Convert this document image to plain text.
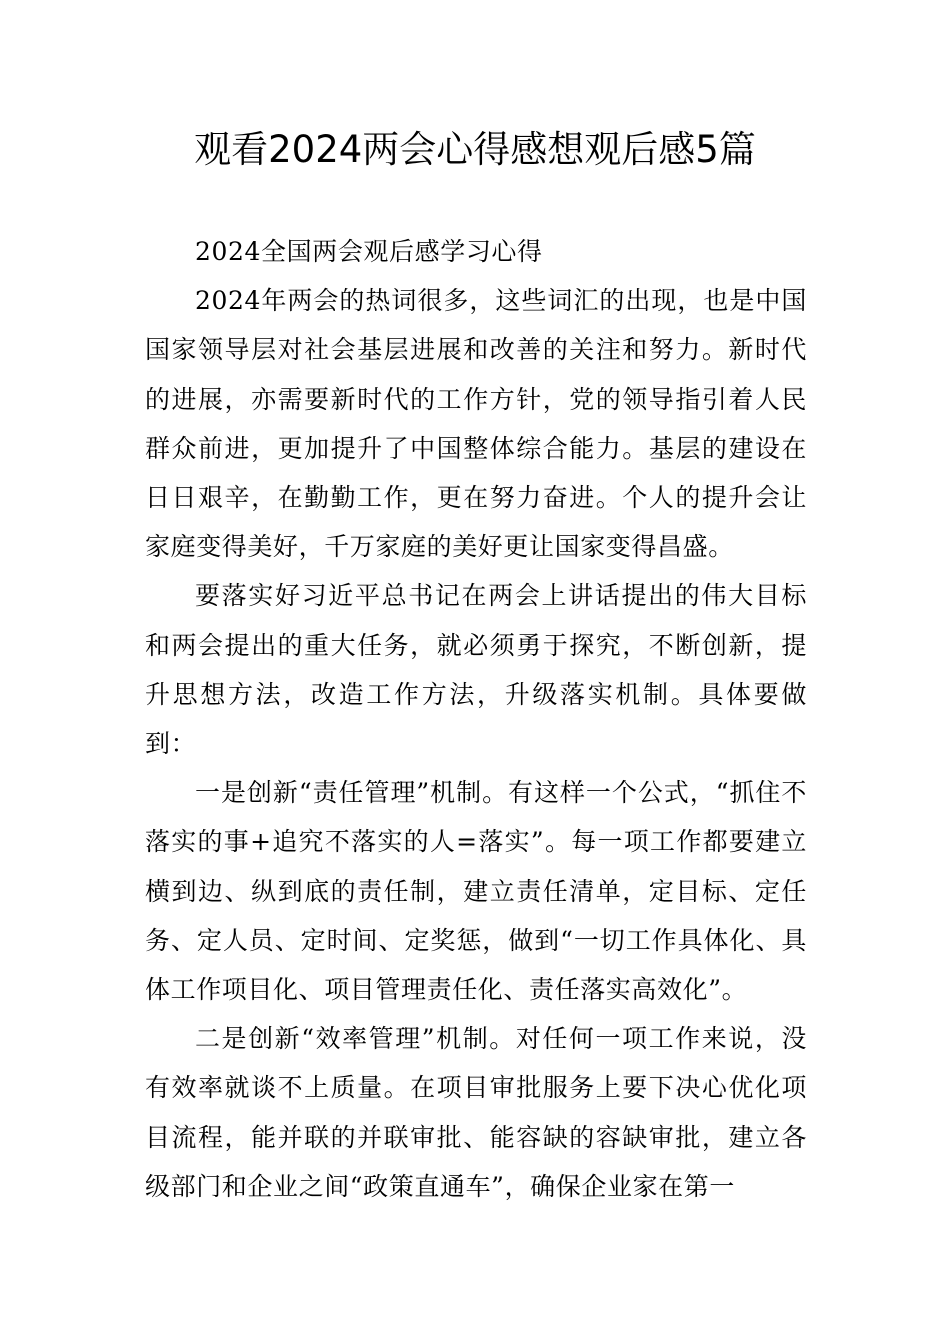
观看2024两会心得感想观后感5篇

2024全国两会观后感学习心得

2024年两会的热词很多，这些词汇的出现，也是中国国家领导层对社会基层进展和改善的关注和努力。新时代的进展，亦需要新时代的工作方针，党的领导指引着人民群众前进，更加提升了中国整体综合能力。基层的建设在日日艰辛，在勤勤工作，更在努力奋进。个人的提升会让家庭变得美好，千万家庭的美好更让国家变得昌盛。

要落实好习近平总书记在两会上讲话提出的伟大目标和两会提出的重大任务，就必须勇于探究，不断创新，提升思想方法，改造工作方法，升级落实机制。具体要做到：

一是创新“责任管理”机制。有这样一个公式，“抓住不落实的事+追究不落实的人=落实”。每一项工作都要建立横到边、纵到底的责任制，建立责任清单，定目标、定任务、定人员、定时间、定奖惩，做到“一切工作具体化、具体工作项目化、项目管理责任化、责任落实高效化”。

二是创新“效率管理”机制。对任何一项工作来说，没有效率就谈不上质量。在项目审批服务上要下决心优化项目流程，能并联的并联审批、能容缺的容缺审批，建立各级部门和企业之间“政策直通车”，确保企业家在第一
